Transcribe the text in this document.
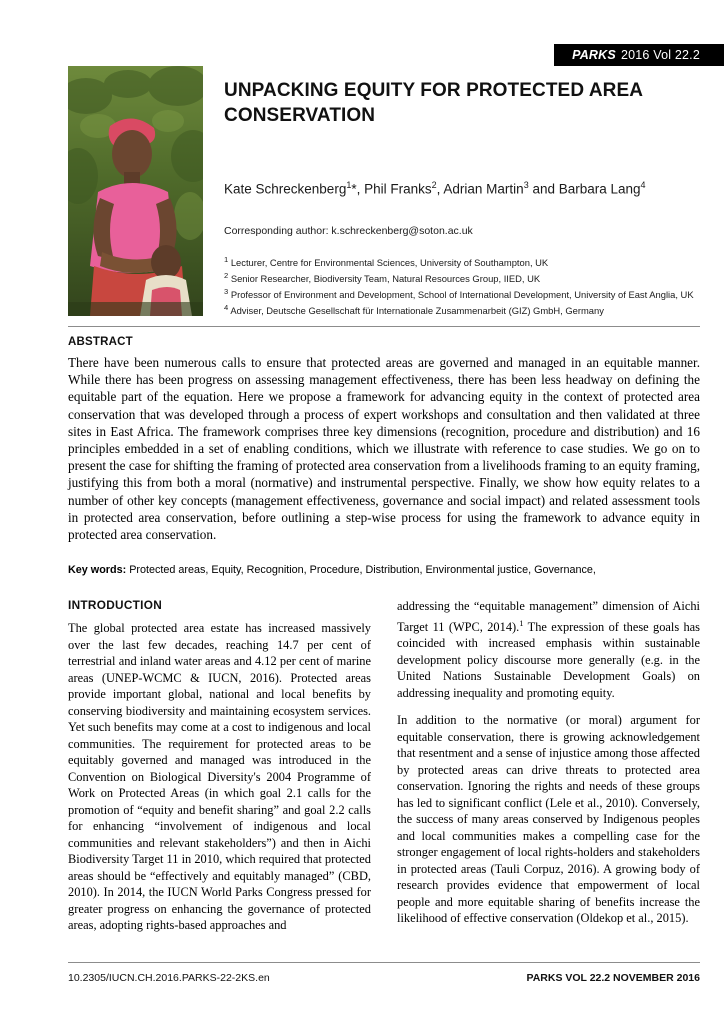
PARKS 2016 Vol 22.2
UNPACKING EQUITY FOR PROTECTED AREA CONSERVATION
Kate Schreckenberg$^1$*, Phil Franks$^2$, Adrian Martin$^3$ and Barbara Lang$^4$
Corresponding author: k.schreckenberg@soton.ac.uk
$^1$ Lecturer, Centre for Environmental Sciences, University of Southampton, UK
$^2$ Senior Researcher, Biodiversity Team, Natural Resources Group, IIED, UK
$^3$ Professor of Environment and Development, School of International Development, University of East Anglia, UK
$^4$ Adviser, Deutsche Gesellschaft für Internationale Zusammenarbeit (GIZ) GmbH, Germany
ABSTRACT

There have been numerous calls to ensure that protected areas are governed and managed in an equitable manner. While there has been progress on assessing management effectiveness, there has been less headway on defining the equitable part of the equation. Here we propose a framework for advancing equity in the context of protected area conservation that was developed through a process of expert workshops and consultation and then validated at three sites in East Africa. The framework comprises three key dimensions (recognition, procedure and distribution) and 16 principles embedded in a set of enabling conditions, which we illustrate with reference to case studies. We go on to present the case for shifting the framing of protected area conservation from a livelihoods framing to an equity framing, justifying this from both a moral (normative) and instrumental perspective. Finally, we show how equity relates to a number of other key concepts (management effectiveness, governance and social impact) and related assessment tools in protected area conservation, before outlining a step-wise process for using the framework to advance equity in protected area conservation.

Key words: Protected areas, Equity, Recognition, Procedure, Distribution, Environmental justice, Governance,
INTRODUCTION

The global protected area estate has increased massively over the last few decades, reaching 14.7 per cent of terrestrial and inland water areas and 4.12 per cent of marine areas (UNEP-WCMC & IUCN, 2016). Protected areas provide important global, national and local benefits by conserving biodiversity and maintaining ecosystem services. Yet such benefits may come at a cost to indigenous and local communities. The requirement for protected areas to be equitably governed and managed was introduced in the Convention on Biological Diversity's 2004 Programme of Work on Protected Areas (in which goal 2.1 calls for the promotion of “equity and benefit sharing” and goal 2.2 calls for enhancing “involvement of indigenous and local communities and relevant stakeholders”) and then in Aichi Biodiversity Target 11 in 2010, which required that protected areas should be “effectively and equitably managed” (CBD, 2010). In 2014, the IUCN World Parks Congress pressed for greater progress on enhancing the governance of protected areas, adopting rights-based approaches and

addressing the “equitable management” dimension of Aichi Target 11 (WPC, 2014).$^1$ The expression of these goals has coincided with increased emphasis within sustainable development policy discourse more generally (e.g. in the United Nations Sustainable Development Goals) on addressing inequality and promoting equity.

In addition to the normative (or moral) argument for equitable conservation, there is growing acknowledgement that resentment and a sense of injustice among those affected by protected areas can drive threats to protected area conservation. Ignoring the rights and needs of these groups has led to significant conflict (Lele et al., 2010). Conversely, the success of many areas conserved by Indigenous peoples and local communities makes a compelling case for the stronger engagement of local rights-holders and stakeholders in protected areas (Tauli Corpuz, 2016). A growing body of research provides evidence that empowerment of local people and more equitable sharing of benefits increase the likelihood of effective conservation (Oldekop et al., 2015).

10.2305/IUCN.CH.2016.PARKS-22-2KS.en	PARKS VOL 22.2 NOVEMBER 2016
